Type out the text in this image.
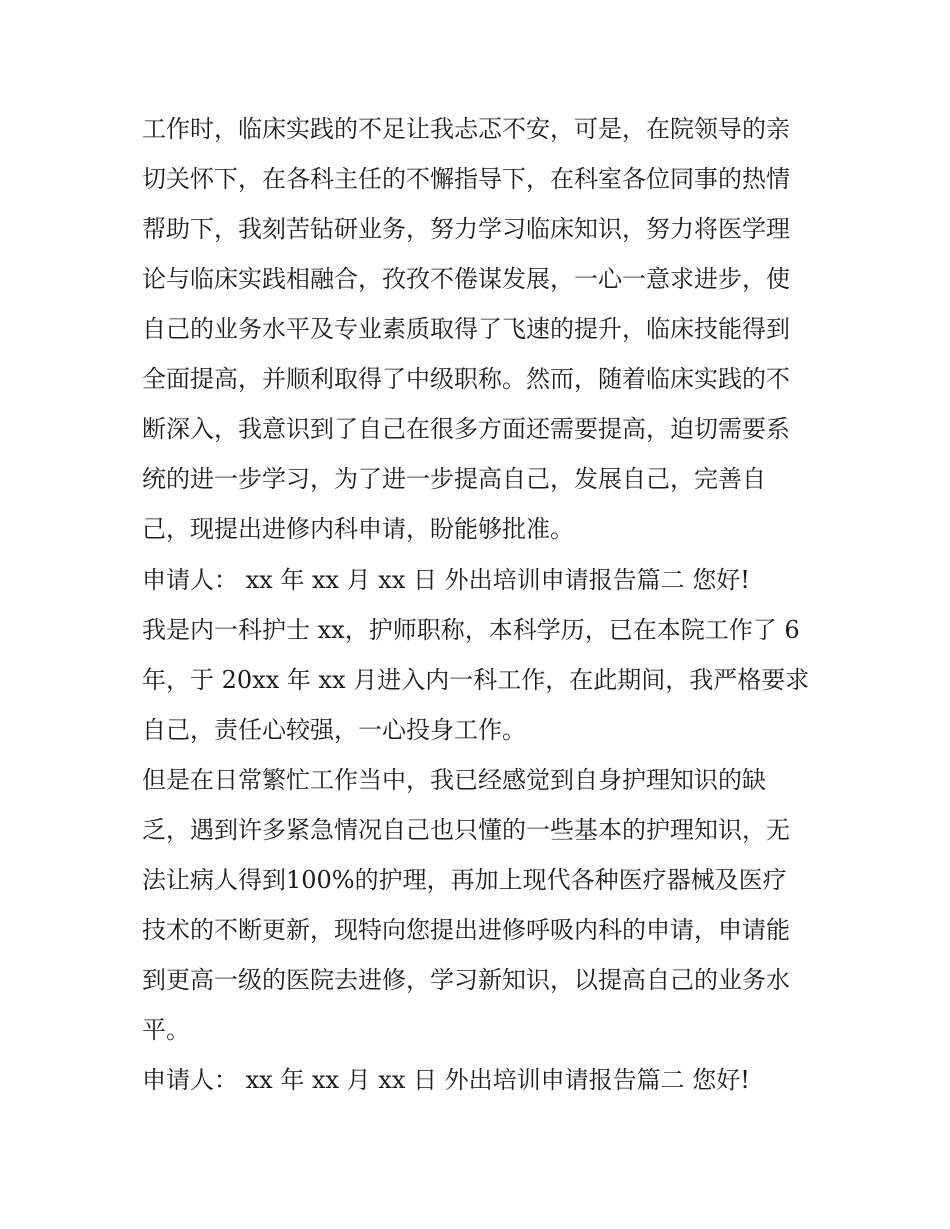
工作时，临床实践的不足让我忐忑不安，可是，在院领导的亲
切关怀下，在各科主任的不懈指导下，在科室各位同事的热情
帮助下，我刻苦钻研业务，努力学习临床知识，努力将医学理
论与临床实践相融合，孜孜不倦谋发展，一心一意求进步，使
自己的业务水平及专业素质取得了飞速的提升，临床技能得到
全面提高，并顺利取得了中级职称。然而，随着临床实践的不
断深入，我意识到了自己在很多方面还需要提高，迫切需要系
统的进一步学习，为了进一步提高自己，发展自己，完善自
己，现提出进修内科申请，盼能够批准。
申请人： xx 年 xx 月 xx 日 外出培训申请报告篇二 您好!
我是内一科护士 xx，护师职称，本科学历，已在本院工作了 6
年，于 20xx 年 xx 月进入内一科工作，在此期间，我严格要求
自己，责任心较强，一心投身工作。
但是在日常繁忙工作当中，我已经感觉到自身护理知识的缺
乏，遇到许多紧急情况自己也只懂的一些基本的护理知识，无
法让病人得到100%的护理，再加上现代各种医疗器械及医疗
技术的不断更新，现特向您提出进修呼吸内科的申请，申请能
到更高一级的医院去进修，学习新知识，以提高自己的业务水
平。
申请人： xx 年 xx 月 xx 日 外出培训申请报告篇二 您好!
